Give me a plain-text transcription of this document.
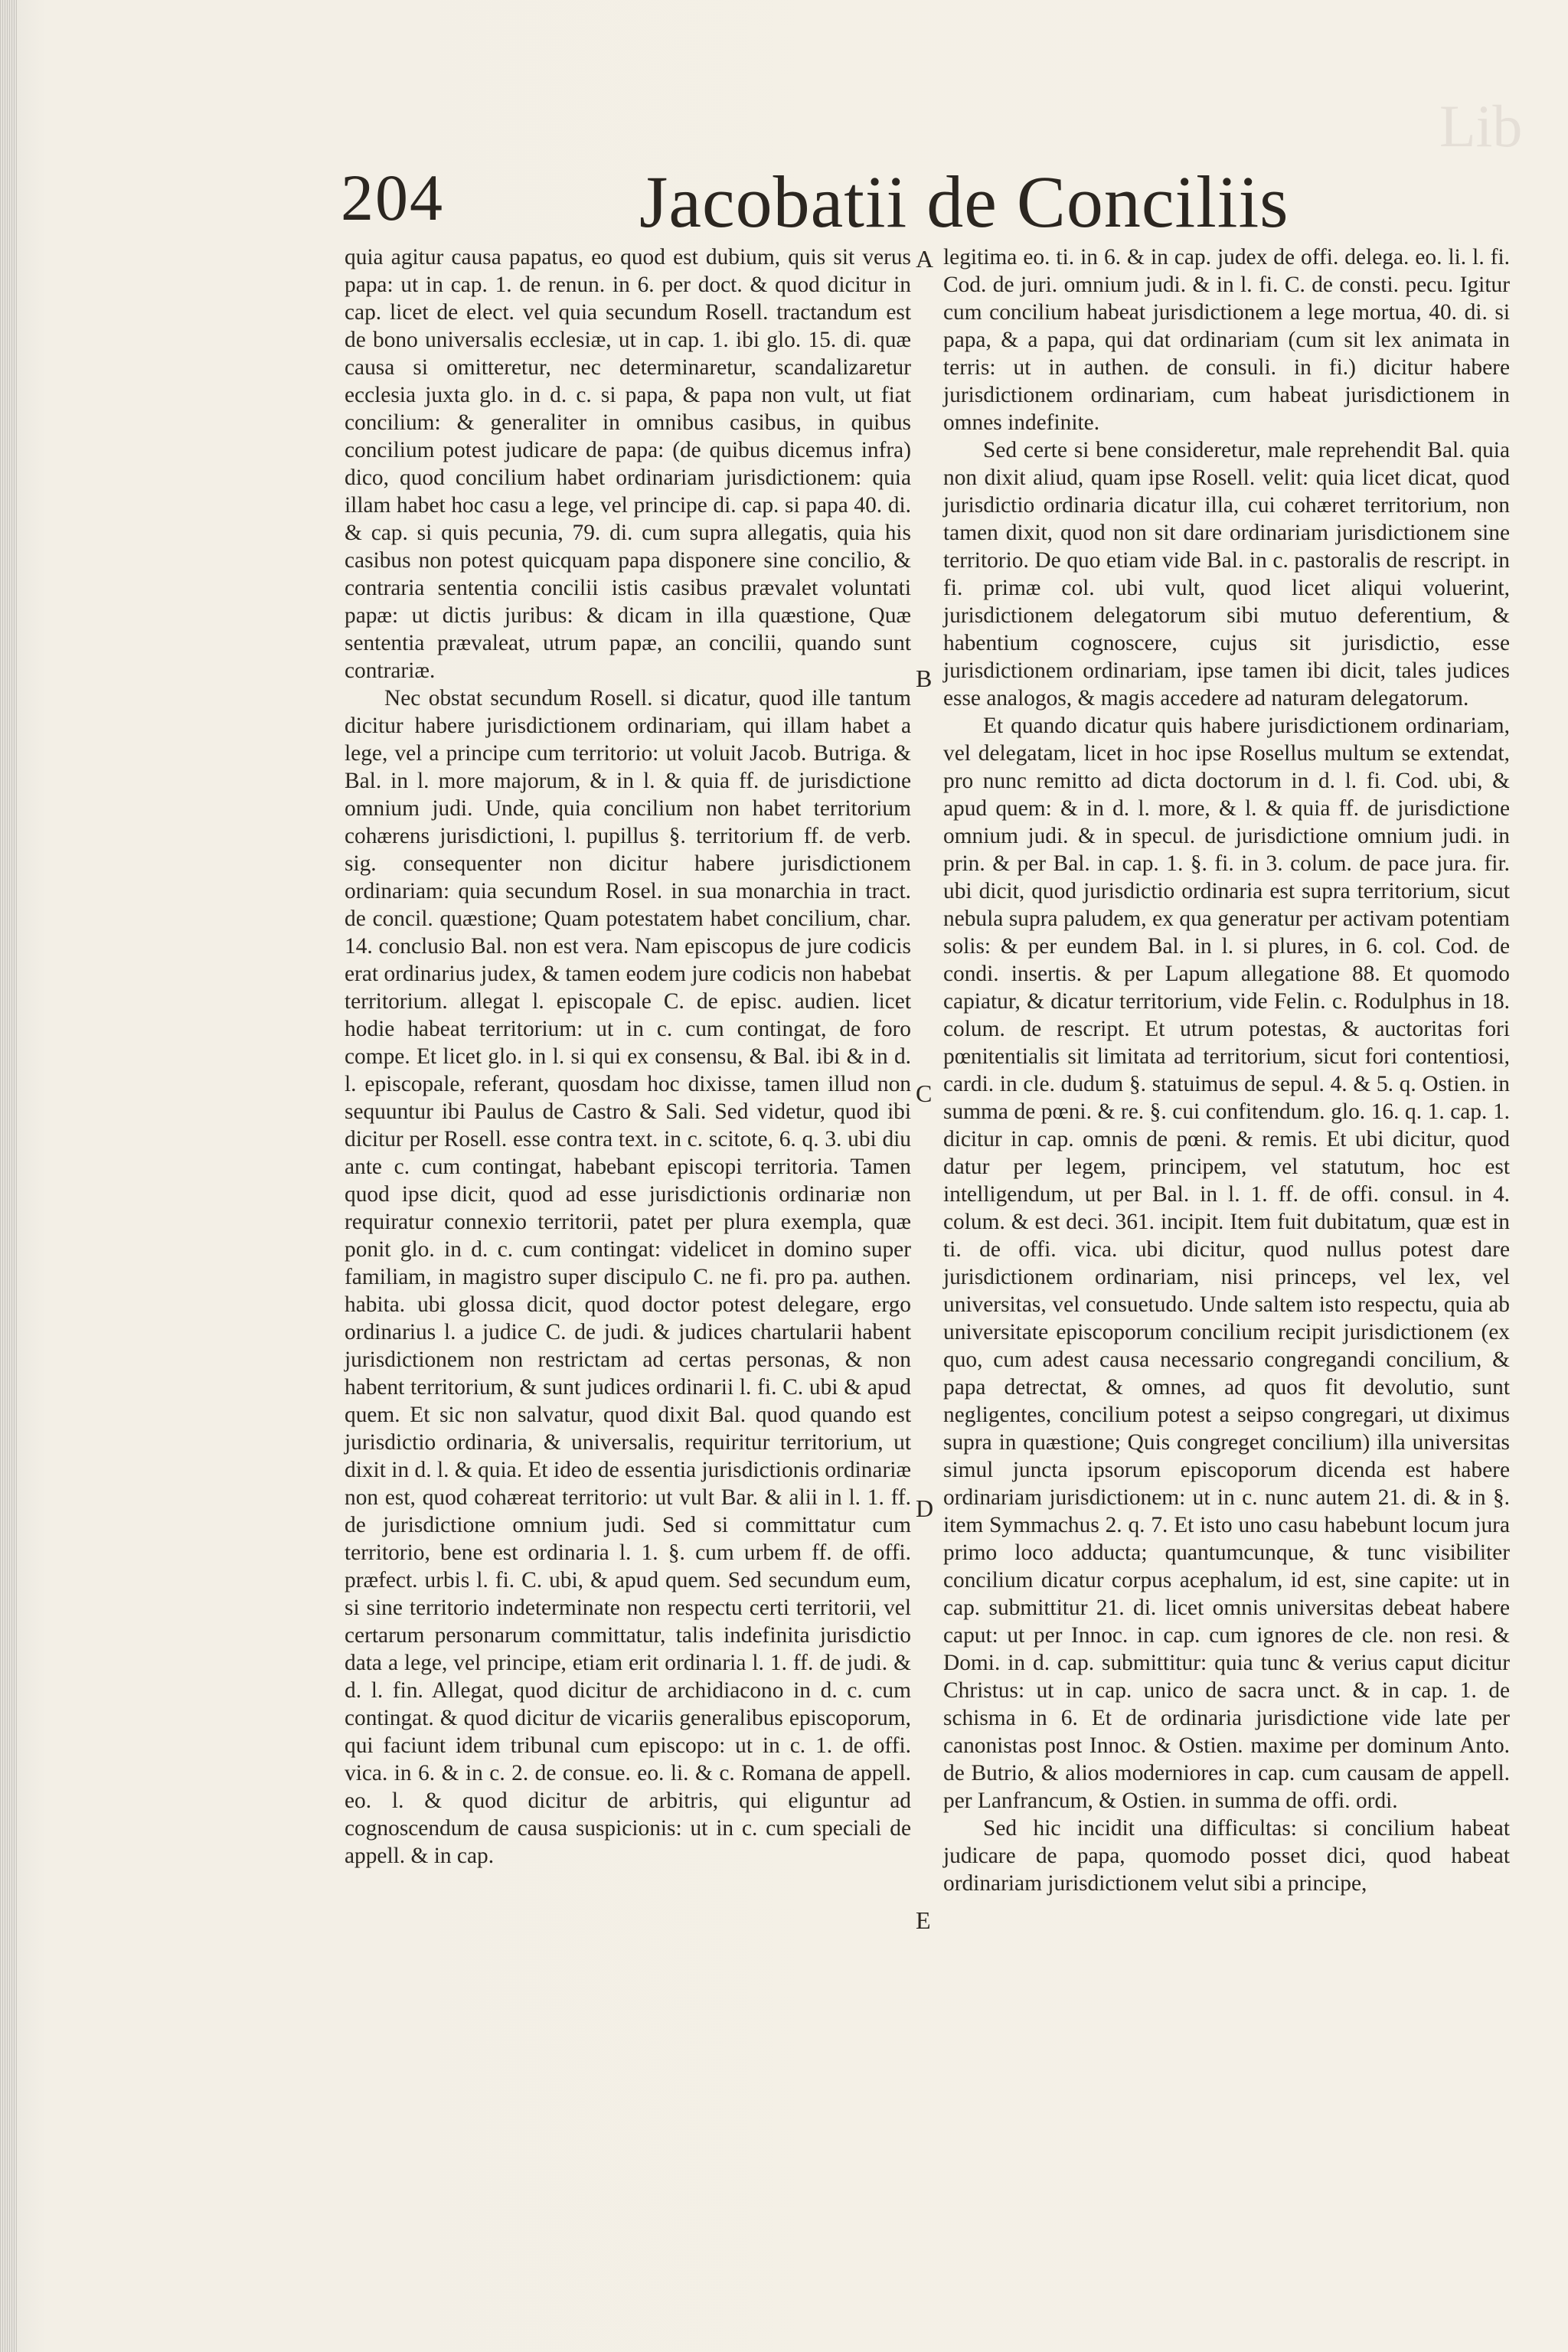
Lib
204	Jacobatii de Conciliis

quia agitur causa papatus, eo quod est dubium, quis sit verus papa: ut in cap. 1. de renun. in 6. per doct. & quod dicitur in cap. licet de elect. vel quia secundum Rosell. tractandum est de bono universalis ecclesiæ, ut in cap. 1. ibi glo. 15. di. quæ causa si omitteretur, nec determinaretur, scandalizaretur ecclesia juxta glo. in d. c. si papa, & papa non vult, ut fiat concilium: & generaliter in omnibus casibus, in quibus concilium potest judicare de papa: (de quibus dicemus infra) dico, quod concilium habet ordinariam jurisdictionem: quia illam habet hoc casu a lege, vel principe di. cap. si papa 40. di. & cap. si quis pecunia, 79. di. cum supra allegatis, quia his casibus non potest quicquam papa disponere sine concilio, & contraria sententia concilii istis casibus prævalet voluntati papæ: ut dictis juribus: & dicam in illa quæstione, Quæ sententia prævaleat, utrum papæ, an concilii, quando sunt contrariæ.

Nec obstat secundum Rosell. si dicatur, quod ille tantum dicitur habere jurisdictionem ordinariam, qui illam habet a lege, vel a principe cum territorio: ut voluit Jacob. Butriga. & Bal. in l. more majorum, & in l. & quia ff. de jurisdictione omnium judi. Unde, quia concilium non habet territorium cohærens jurisdictioni, l. pupillus §. territorium ff. de verb. sig. consequenter non dicitur habere jurisdictionem ordinariam: quia secundum Rosel. in sua monarchia in tract. de concil. quæstione; Quam potestatem habet concilium, char. 14. conclusio Bal. non est vera. Nam episcopus de jure codicis erat ordinarius judex, & tamen eodem jure codicis non habebat territorium. allegat l. episcopale C. de episc. audien. licet hodie habeat territorium: ut in c. cum contingat, de foro compe. Et licet glo. in l. si qui ex consensu, & Bal. ibi & in d. l. episcopale, referant, quosdam hoc dixisse, tamen illud non sequuntur ibi Paulus de Castro & Sali. Sed videtur, quod ibi dicitur per Rosell. esse contra text. in c. scitote, 6. q. 3. ubi diu ante c. cum contingat, habebant episcopi territoria. Tamen quod ipse dicit, quod ad esse jurisdictionis ordinariæ non requiratur connexio territorii, patet per plura exempla, quæ ponit glo. in d. c. cum contingat: videlicet in domino super familiam, in magistro super discipulo C. ne fi. pro pa. authen. habita. ubi glossa dicit, quod doctor potest delegare, ergo ordinarius l. a judice C. de judi. & judices chartularii habent jurisdictionem non restrictam ad certas personas, & non habent territorium, & sunt judices ordinarii l. fi. C. ubi & apud quem. Et sic non salvatur, quod dixit Bal. quod quando est jurisdictio ordinaria, & universalis, requiritur territorium, ut dixit in d. l. & quia. Et ideo de essentia jurisdictionis ordinariæ non est, quod cohæreat territorio: ut vult Bar. & alii in l. 1. ff. de jurisdictione omnium judi. Sed si committatur cum territorio, bene est ordinaria l. 1. §. cum urbem ff. de offi. præfect. urbis l. fi. C. ubi, & apud quem. Sed secundum eum, si sine territorio indeterminate non respectu certi territorii, vel certarum personarum committatur, talis indefinita jurisdictio data a lege, vel principe, etiam erit ordinaria l. 1. ff. de judi. & d. l. fin. Allegat, quod dicitur de archidiacono in d. c. cum contingat. & quod dicitur de vicariis generalibus episcoporum, qui faciunt idem tribunal cum episcopo: ut in c. 1. de offi. vica. in 6. & in c. 2. de consue. eo. li. & c. Romana de appell. eo. l. & quod dicitur de arbitris, qui eliguntur ad cognoscendum de causa suspicionis: ut in c. cum speciali de appell. & in cap.

A
B
C
D
E

legitima eo. ti. in 6. & in cap. judex de offi. delega. eo. li. l. fi. Cod. de juri. omnium judi. & in l. fi. C. de consti. pecu. Igitur cum concilium habeat jurisdictionem a lege mortua, 40. di. si papa, & a papa, qui dat ordinariam (cum sit lex animata in terris: ut in authen. de consuli. in fi.) dicitur habere jurisdictionem ordinariam, cum habeat jurisdictionem in omnes indefinite.

Sed certe si bene consideretur, male reprehendit Bal. quia non dixit aliud, quam ipse Rosell. velit: quia licet dicat, quod jurisdictio ordinaria dicatur illa, cui cohæret territorium, non tamen dixit, quod non sit dare ordinariam jurisdictionem sine territorio. De quo etiam vide Bal. in c. pastoralis de rescript. in fi. primæ col. ubi vult, quod licet aliqui voluerint, jurisdictionem delegatorum sibi mutuo deferentium, & habentium cognoscere, cujus sit jurisdictio, esse jurisdictionem ordinariam, ipse tamen ibi dicit, tales judices esse analogos, & magis accedere ad naturam delegatorum.

Et quando dicatur quis habere jurisdictionem ordinariam, vel delegatam, licet in hoc ipse Rosellus multum se extendat, pro nunc remitto ad dicta doctorum in d. l. fi. Cod. ubi, & apud quem: & in d. l. more, & l. & quia ff. de jurisdictione omnium judi. & in specul. de jurisdictione omnium judi. in prin. & per Bal. in cap. 1. §. fi. in 3. colum. de pace jura. fir. ubi dicit, quod jurisdictio ordinaria est supra territorium, sicut nebula supra paludem, ex qua generatur per activam potentiam solis: & per eundem Bal. in l. si plures, in 6. col. Cod. de condi. insertis. & per Lapum allegatione 88. Et quomodo capiatur, & dicatur territorium, vide Felin. c. Rodulphus in 18. colum. de rescript. Et utrum potestas, & auctoritas fori pœnitentialis sit limitata ad territorium, sicut fori contentiosi, cardi. in cle. dudum §. statuimus de sepul. 4. & 5. q. Ostien. in summa de pœni. & re. §. cui confitendum. glo. 16. q. 1. cap. 1. dicitur in cap. omnis de pœni. & remis. Et ubi dicitur, quod datur per legem, principem, vel statutum, hoc est intelligendum, ut per Bal. in l. 1. ff. de offi. consul. in 4. colum. & est deci. 361. incipit. Item fuit dubitatum, quæ est in ti. de offi. vica. ubi dicitur, quod nullus potest dare jurisdictionem ordinariam, nisi princeps, vel lex, vel universitas, vel consuetudo. Unde saltem isto respectu, quia ab universitate episcoporum concilium recipit jurisdictionem (ex quo, cum adest causa necessario congregandi concilium, & papa detrectat, & omnes, ad quos fit devolutio, sunt negligentes, concilium potest a seipso congregari, ut diximus supra in quæstione; Quis congreget concilium) illa universitas simul juncta ipsorum episcoporum dicenda est habere ordinariam jurisdictionem: ut in c. nunc autem 21. di. & in §. item Symmachus 2. q. 7. Et isto uno casu habebunt locum jura primo loco adducta; quantumcunque, & tunc visibiliter concilium dicatur corpus acephalum, id est, sine capite: ut in cap. submittitur 21. di. licet omnis universitas debeat habere caput: ut per Innoc. in cap. cum ignores de cle. non resi. & Domi. in d. cap. submittitur: quia tunc & verius caput dicitur Christus: ut in cap. unico de sacra unct. & in cap. 1. de schisma in 6. Et de ordinaria jurisdictione vide late per canonistas post Innoc. & Ostien. maxime per dominum Anto. de Butrio, & alios moderniores in cap. cum causam de appell. per Lanfrancum, & Ostien. in summa de offi. ordi.

Sed hic incidit una difficultas: si concilium habeat judicare de papa, quomodo posset dici, quod habeat ordinariam jurisdictionem velut sibi a principe,
